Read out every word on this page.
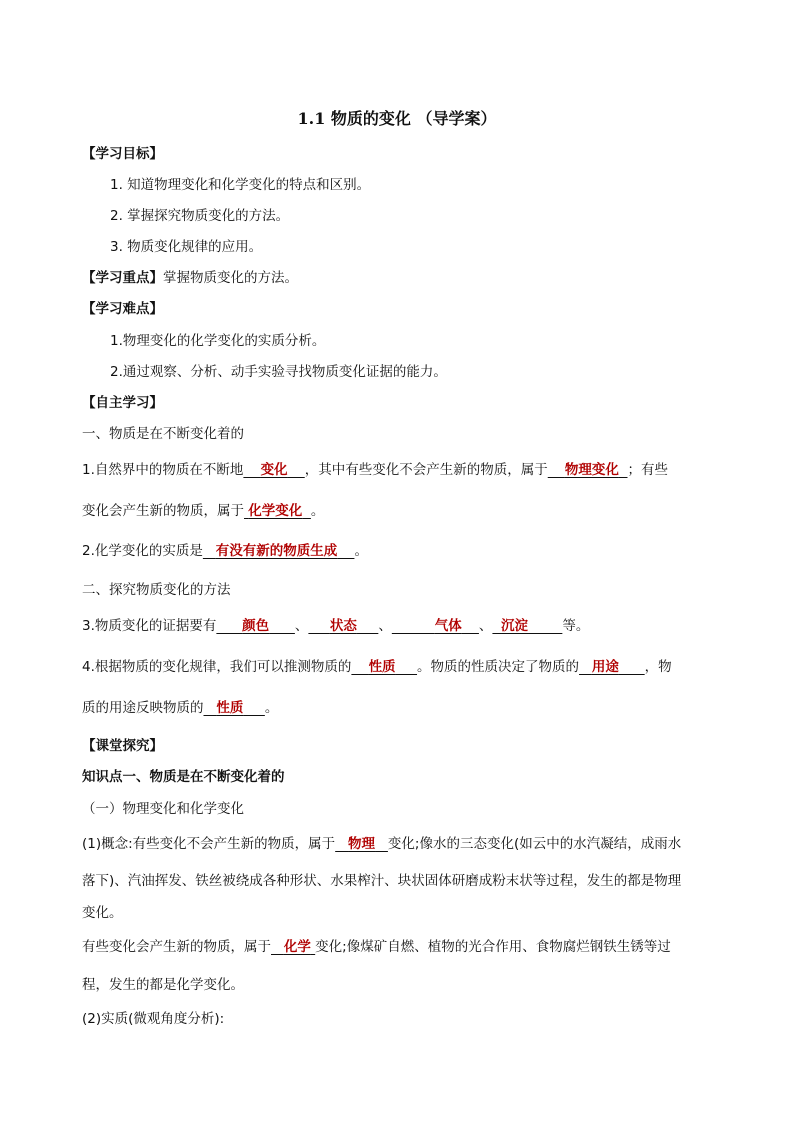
1.1 物质的变化 （导学案）
【学习目标】
1. 知道物理变化和化学变化的特点和区别。
2. 掌握探究物质变化的方法。
3. 物质变化规律的应用。
【学习重点】掌握物质变化的方法。
【学习难点】
1.物理变化的化学变化的实质分析。
2.通过观察、分析、动手实验寻找物质变化证据的能力。
【自主学习】
一、物质是在不断变化着的
1.自然界中的物质在不断地 变化 ，其中有些变化不会产生新的物质，属于 物理变化 ；有些
变化会产生新的物质，属于 化学变化 。
2.化学变化的实质是 有没有新的物质生成 。
二、探究物质变化的方法
3.物质变化的证据要有 颜色 、 状态 、	气体 、 沉淀	等。
4.根据物质的变化规律，我们可以推测物质的 性质 。物质的性质决定了物质的 用途 ，物
质的用途反映物质的 性质 。
【课堂探究】
知识点一、物质是在不断变化着的
（一）物理变化和化学变化
(1)概念:有些变化不会产生新的物质，属于 物理 变化;像水的三态变化(如云中的水汽凝结，成雨水
落下)、汽油挥发、铁丝被绕成各种形状、水果榨汁、块状固体研磨成粉末状等过程，发生的都是物理
变化。
有些变化会产生新的物质，属于 化学 变化;像煤矿自燃、植物的光合作用、食物腐烂钢铁生锈等过
程，发生的都是化学变化。
(2)实质(微观角度分析):
